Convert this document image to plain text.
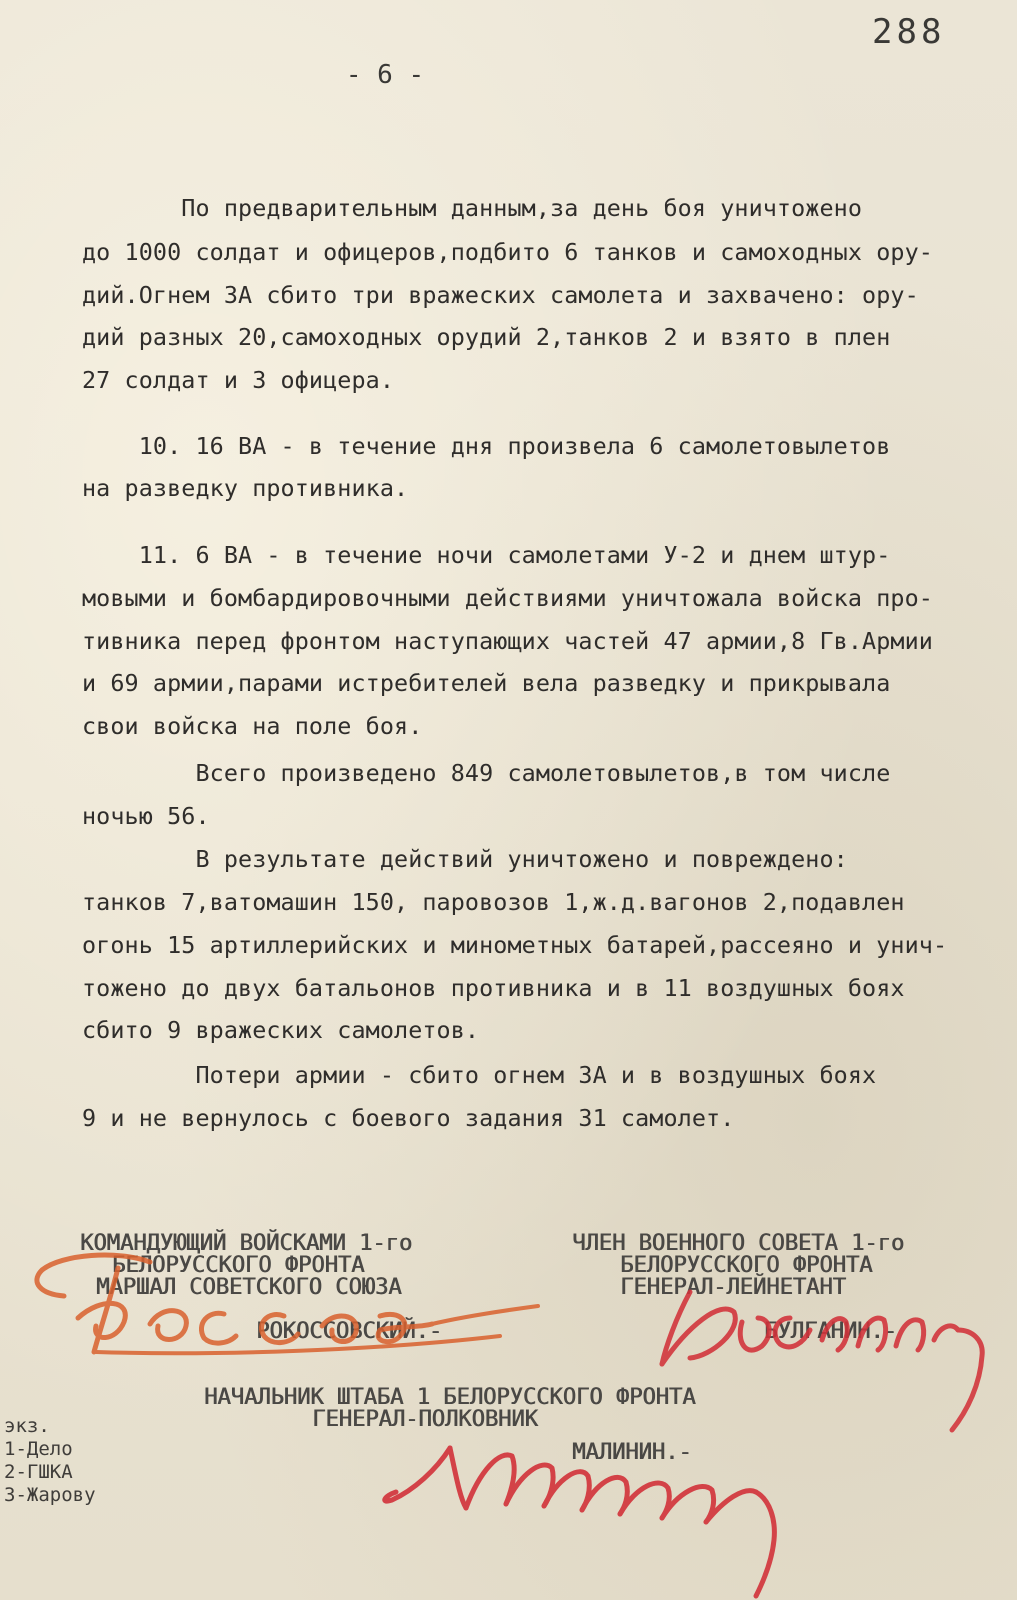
288
- 6 -
По предварительным данным,за день боя уничтожено
до 1000 солдат и офицеров,подбито 6 танков и самоходных ору-
дий.Огнем ЗА сбито три вражеских самолета и захвачено: ору-
дий разных 20,самоходных орудий 2,танков 2 и взято в плен
27 солдат и 3 офицера.
10. 16 ВА - в течение дня произвела 6 самолетовылетов
на разведку противника.
11. 6 ВА - в течение ночи самолетами У-2 и днем штур-
мовыми и бомбардировочными действиями уничтожала войска про-
тивника перед фронтом наступающих частей 47 армии,8 Гв.Армии
и 69 армии,парами истребителей вела разведку и прикрывала
свои войска на поле боя.
Всего произведено 849 самолетовылетов,в том числе
ночью 56.
В результате действий уничтожено и повреждено:
танков 7,ватомашин 150, паровозов 1,ж.д.вагонов 2,подавлен
огонь 15 артиллерийских и минометных батарей,рассеяно и унич-
тожено до двух батальонов противника и в 11 воздушных боях
сбито 9 вражеских самолетов.
Потери армии - сбито огнем ЗА и в воздушных боях
9 и не вернулось с боевого задания 31 самолет.
КОМАНДУЮЩИЙ ВОЙСКАМИ 1-го
БЕЛОРУССКОГО ФРОНТА
МАРШАЛ СОВЕТСКОГО СОЮЗА
РОКОССОВСКИЙ.-
ЧЛЕН ВОЕННОГО СОВЕТА 1-го
БЕЛОРУССКОГО ФРОНТА
ГЕНЕРАЛ-ЛЕЙНЕТАНТ
БУЛГАНИН.-
НАЧАЛЬНИК ШТАБА 1 БЕЛОРУССКОГО ФРОНТА
ГЕНЕРАЛ-ПОЛКОВНИК
МАЛИНИН.-
экз.
1-Дело
2-ГШКА
3-Жарову
